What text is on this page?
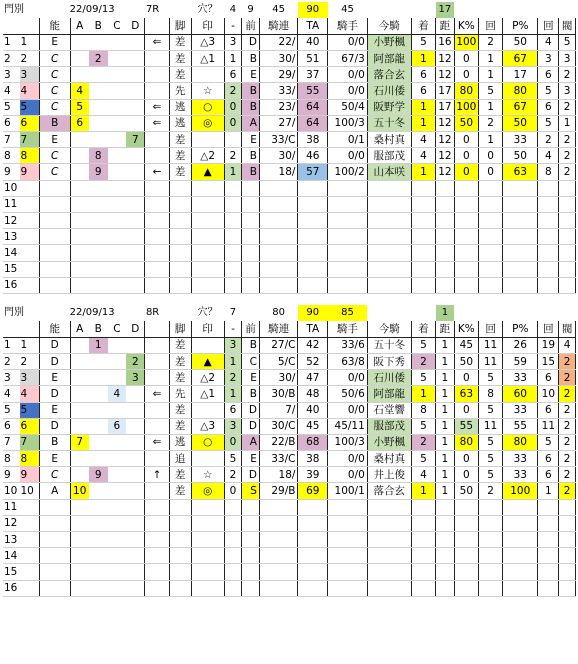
門別		22/09/13					7R		穴？	4	9	45	90	45			17					
		能	A	B	C	D		脚	印	-	前	騎連	TA	騎手	今騎	着	距	K%	回	P%	回	閥
1	1	E					⇐	差	△3	3	D	22/	40	0/0	小野楓	5	16	100	2	50	4	5
2	2	C		2				差	△1	1	B	30/	51	67/3	阿部龍	1	12	0	1	67	3	3
3	3	C						差		6	E	29/	37	0/0	落合玄	6	12	0	1	17	6	2
4	4	C	4					先	☆	2	B	33/	55	0/0	石川倭	6	17	80	5	80	5	3
5	5	C	5				⇐	逃	○	0	B	23/	64	50/4	阪野学	1	17	100	1	67	6	2
6	6	B	6				⇐	逃	◎	0	A	27/	64	100/3	五十冬	1	12	50	2	50	5	1
7	7	E				7		差			E	33/C	38	0/1	桑村真	4	12	0	1	33	2	2
8	8	C		8				差	△2	2	B	30/	46	0/0	服部茂	4	12	0	0	50	4	2
9	9	C		9			←	差	▲	1	B	18/	57	100/2	山本咲	1	12	0	0	63	8	2
10																						
11																						
12																						
13																						
14																						
15																						
16																						
門別		22/09/13					8R		穴？	7		80	90	85			1					
		能	A	B	C	D		脚	印	-	前	騎連	TA	騎手	今騎	着	距	K%	回	P%	回	閥
1	1	D		1				差		3	B	27/C	42	33/6	五十冬	5	1	45	11	26	19	4
2	2	D				2		差	▲	1	C	5/C	52	63/8	阪下秀	2	1	50	11	59	15	2
3	3	E				3		差	△2	2	E	30/	47	0/0	石川倭	5	1	0	5	33	6	2
4	4	D			4		⇐	先	△1	1	B	30/B	48	50/6	阿部龍	1	1	63	8	60	10	2
5	5	E						差		6	D	7/	40	0/0	石堂響	8	1	0	5	33	6	2
6	6	D			6			差	△3	3	D	30/C	45	45/11	服部茂	5	1	55	11	55	11	2
7	7	B	7				⇐	逃	○	0	A	22/B	68	100/3	小野楓	2	1	80	5	80	5	2
8	8	E						追		5	E	33/C	38	0/0	桑村真	5	1	0	5	33	6	2
9	9	C		9			↑	差	☆	2	D	18/	39	0/0	井上俊	4	1	0	5	33	6	2
10	10	A	10					差	◎	0	S	29/B	69	100/1	落合玄	1	1	50	2	100	1	2
11																						
12																						
13																						
14																						
15																						
16																						
